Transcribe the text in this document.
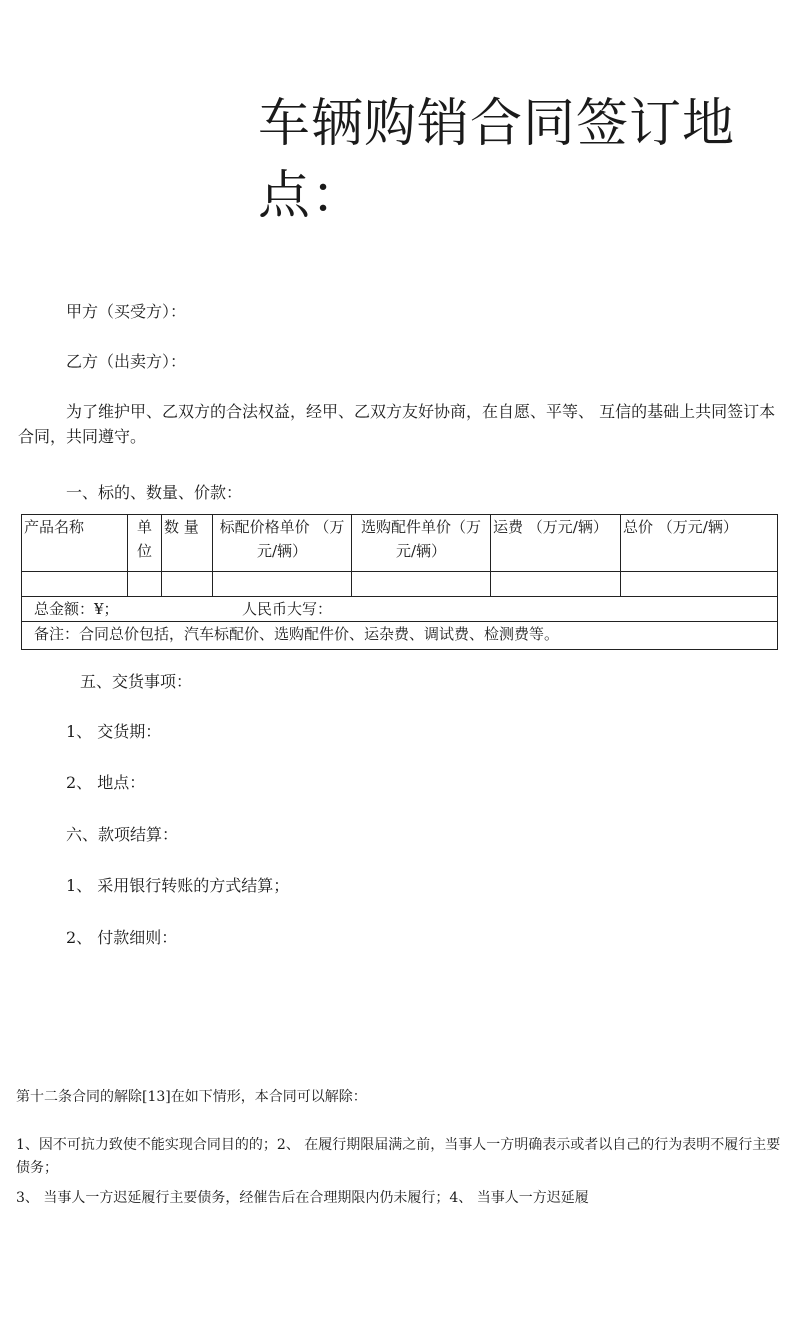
车辆购销合同签订地点：
甲方（买受方）：
乙方（出卖方）：
为了维护甲、乙双方的合法权益，经甲、乙双方友好协商，在自愿、平等、 互信的基础上共同签订本合同，共同遵守。
一、标的、数量、价款：
产品名称	单位	数 量	标配价格单价 （万元/辆）	选购配件单价（万元/辆）	运费 （万元/辆）	总价 （万元/辆）

总金额：¥； 人民币大写：						

备注：合同总价包括，汽车标配价、选购配件价、运杂费、调试费、检测费等。						
五、交货事项：
1、 交货期：
2、 地点：
六、款项结算：
1、 采用银行转账的方式结算；
2、 付款细则：
第十二条合同的解除[13]在如下情形，本合同可以解除：
1、因不可抗力致使不能实现合同目的的；2、 在履行期限届满之前，当事人一方明确表示或者以自己的行为表明不履行主要债务；
3、 当事人一方迟延履行主要债务，经催告后在合理期限内仍未履行；4、 当事人一方迟延履
